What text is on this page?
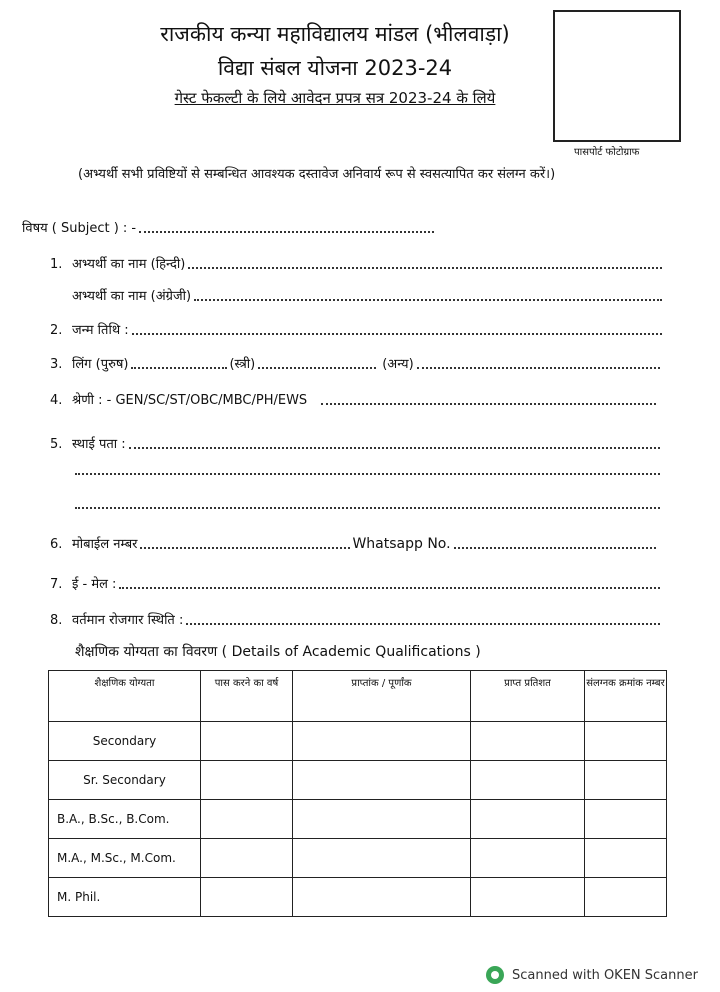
राजकीय कन्या महाविद्यालय मांडल (भीलवाड़ा)
विद्या संबल योजना 2023-24
गेस्ट फेकल्टी के लिये आवेदन प्रपत्र सत्र 2023-24 के लिये
पासपोर्ट फोटोग्राफ
(अभ्यर्थी सभी प्रविष्टियों से सम्बन्धित आवश्यक दस्तावेज अनिवार्य रूप से स्वसत्यापित कर संलग्न करें।)
विषय ( Subject ) : -
1. अभ्यर्थी का नाम (हिन्दी)
अभ्यर्थी का नाम (अंग्रेजी)
2. जन्म तिथि :
3. लिंग (पुरुष)	(स्त्री)	(अन्य)
4. श्रेणी : - GEN/SC/ST/OBC/MBC/PH/EWS
5. स्थाई पता :
6. मोबाईल नम्बर	Whatsapp No.
7. ई - मेल :
8. वर्तमान रोजगार स्थिति :
शैक्षणिक योग्यता का विवरण ( Details of Academic Qualifications )
शैक्षणिक योग्यता	पास करने का वर्ष	प्राप्तांक / पूर्णांक	प्राप्त प्रतिशत	संलग्नक क्रमांक नम्बर
Secondary				
Sr. Secondary				
B.A., B.Sc., B.Com.				
M.A., M.Sc., M.Com.				
M. Phil.				
Scanned with OKEN Scanner
